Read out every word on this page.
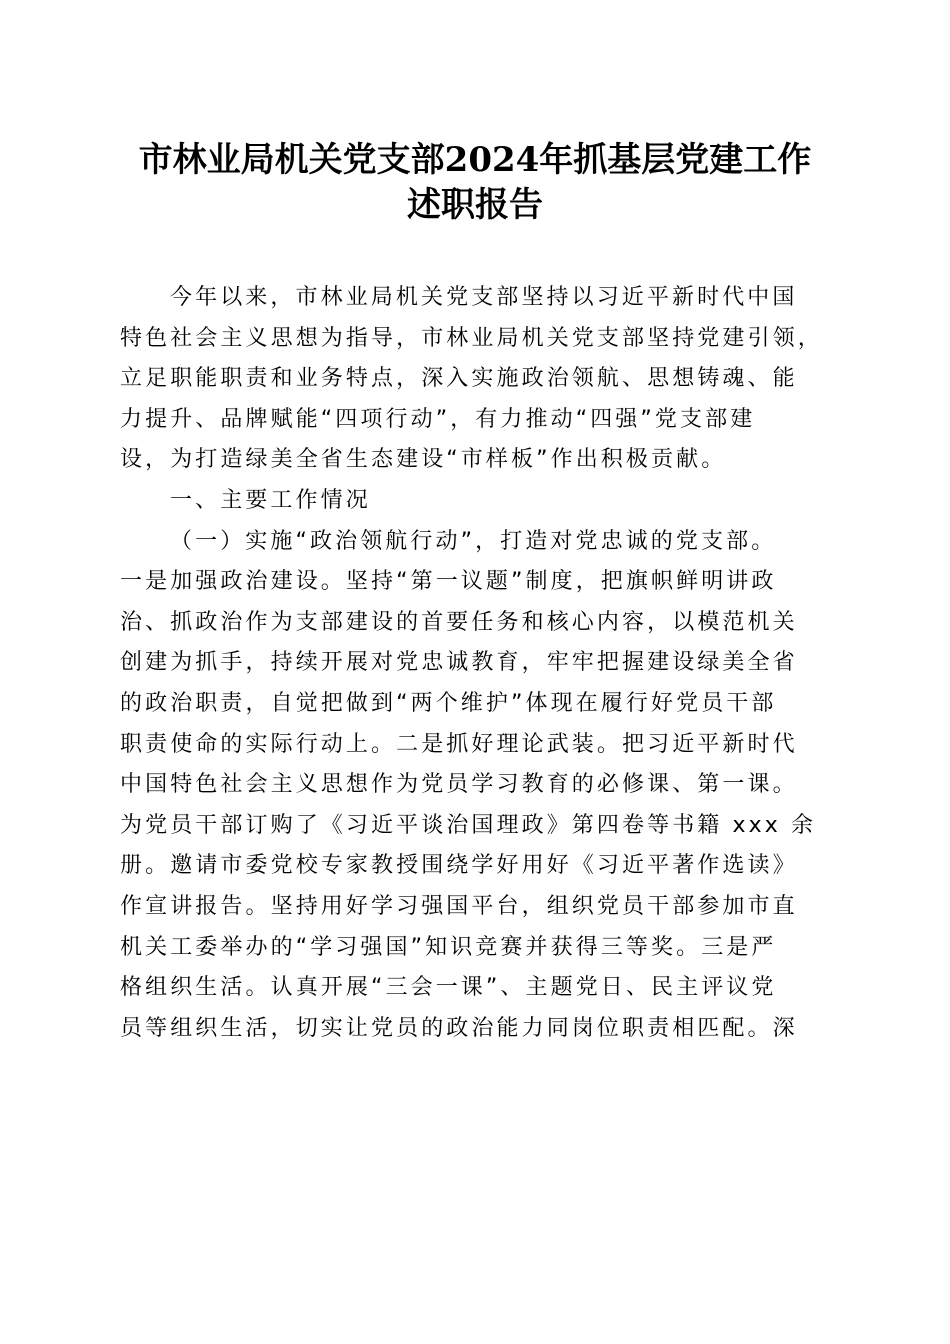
市林业局机关党支部2024年抓基层党建工作
述职报告
今年以来，市林业局机关党支部坚持以习近平新时代中国
特色社会主义思想为指导，市林业局机关党支部坚持党建引领，
立足职能职责和业务特点，深入实施政治领航、思想铸魂、能
力提升、品牌赋能“四项行动”，有力推动“四强”党支部建
设，为打造绿美全省生态建设“市样板”作出积极贡献。
一、主要工作情况
（一）实施“政治领航行动”，打造对党忠诚的党支部。
一是加强政治建设。坚持“第一议题”制度，把旗帜鲜明讲政
治、抓政治作为支部建设的首要任务和核心内容，以模范机关
创建为抓手，持续开展对党忠诚教育，牢牢把握建设绿美全省
的政治职责，自觉把做到“两个维护”体现在履行好党员干部
职责使命的实际行动上。二是抓好理论武装。把习近平新时代
中国特色社会主义思想作为党员学习教育的必修课、第一课。
为党员干部订购了《习近平谈治国理政》第四卷等书籍 xxx 余
册。邀请市委党校专家教授围绕学好用好《习近平著作选读》
作宣讲报告。坚持用好学习强国平台，组织党员干部参加市直
机关工委举办的“学习强国”知识竞赛并获得三等奖。三是严
格组织生活。认真开展“三会一课”、主题党日、民主评议党
员等组织生活，切实让党员的政治能力同岗位职责相匹配。深
